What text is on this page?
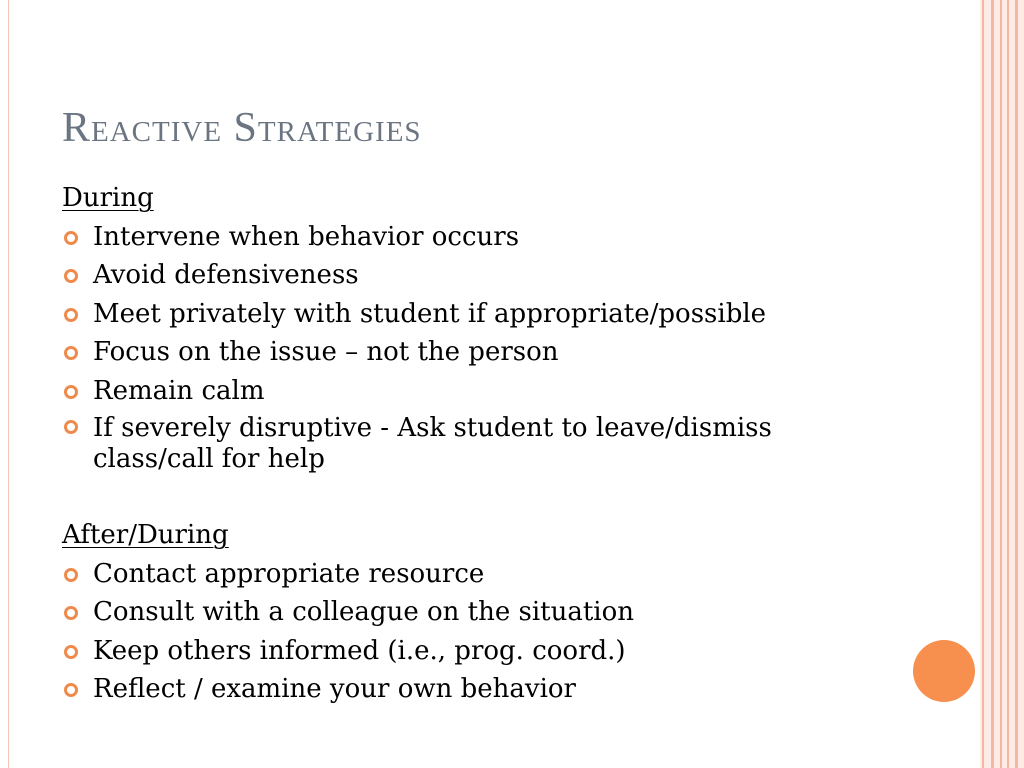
Reactive Strategies
During
Intervene when behavior occurs
Avoid defensiveness
Meet privately with student if appropriate/possible
Focus on the issue – not the person
Remain calm
If severely disruptive - Ask student to leave/dismiss class/call for help
After/During
Contact appropriate resource
Consult with a colleague on the situation
Keep others informed (i.e., prog. coord.)
Reflect / examine your own behavior
